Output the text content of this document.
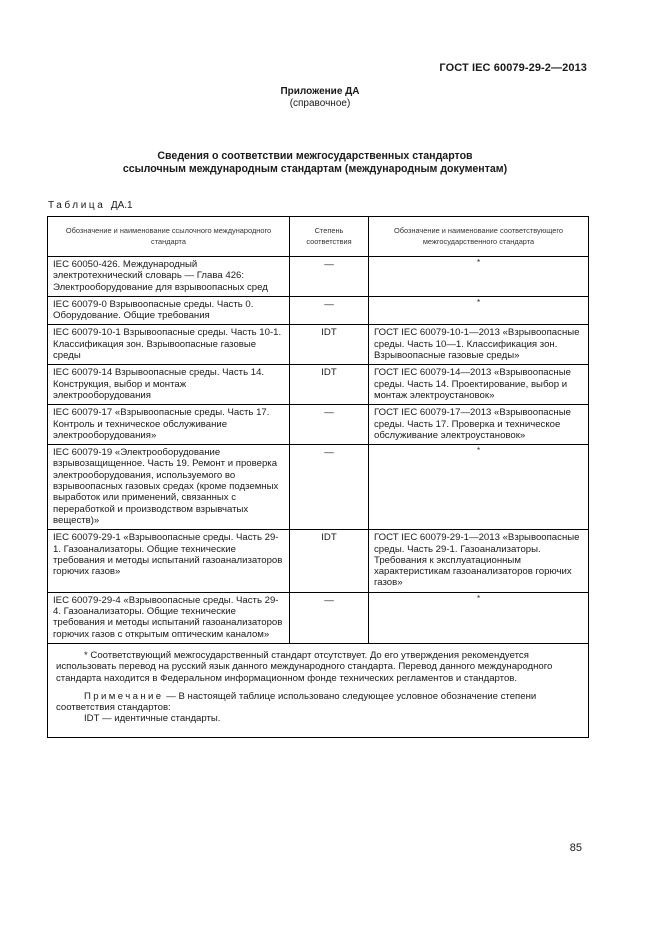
ГОСТ IEC 60079-29-2—2013
Приложение ДА
(справочное)
Сведения о соответствии межгосударственных стандартов
ссылочным международным стандартам (международным документам)
Таблица ДА.1
Обозначение и наименование ссылочного международного стандарта	Степень соответствия	Обозначение и наименование соответствующего межгосударственного стандарта
IEC 60050-426. Международный электротехнический словарь — Глава 426: Электрооборудование для взрывоопасных сред	—	*
IEC 60079-0 Взрывоопасные среды. Часть 0. Оборудование. Общие требования	—	*
IEC 60079-10-1 Взрывоопасные среды. Часть 10-1. Классификация зон. Взрывоопасные газовые среды	IDT	ГОСТ IEC 60079-10-1—2013 «Взрывоопасные среды. Часть 10—1. Классификация зон. Взрывоопасные газовые среды»
IEC 60079-14 Взрывоопасные среды. Часть 14. Конструкция, выбор и монтаж электрооборудования	IDT	ГОСТ IEC 60079-14—2013 «Взрывоопасные среды. Часть 14. Проектирование, выбор и монтаж электроустановок»
IEC 60079-17 «Взрывоопасные среды. Часть 17. Контроль и техническое обслуживание электрооборудования»	—	ГОСТ IEC 60079-17—2013 «Взрывоопасные среды. Часть 17. Проверка и техническое обслуживание электроустановок»
IEC 60079-19 «Электрооборудование взрывозащищенное. Часть 19. Ремонт и проверка электрооборудования, используемого во взрывоопасных газовых средах (кроме подземных выработок или применений, связанных с переработкой и производством взрывчатых веществ)»	—	*
IEC 60079-29-1 «Взрывоопасные среды. Часть 29-1. Газоанализаторы. Общие технические требования и методы испытаний газоанализаторов горючих газов»	IDT	ГОСТ IEC 60079-29-1—2013 «Взрывоопасные среды. Часть 29-1. Газоанализаторы. Требования к эксплуатационным характеристикам газоанализаторов горючих газов»
IEC 60079-29-4 «Взрывоопасные среды. Часть 29-4. Газоанализаторы. Общие технические требования и методы испытаний газоанализаторов горючих газов с открытым оптическим каналом»	—	*

* Соответствующий межгосударственный стандарт отсутствует. До его утверждения рекомендуется использовать перевод на русский язык данного международного стандарта. Перевод данного международного стандарта находится в Федеральном информационном фонде технических регламентов и стандартов.

Примечание — В настоящей таблице использовано следующее условное обозначение степени соответствия стандартов:

IDT — идентичные стандарты.		

85
